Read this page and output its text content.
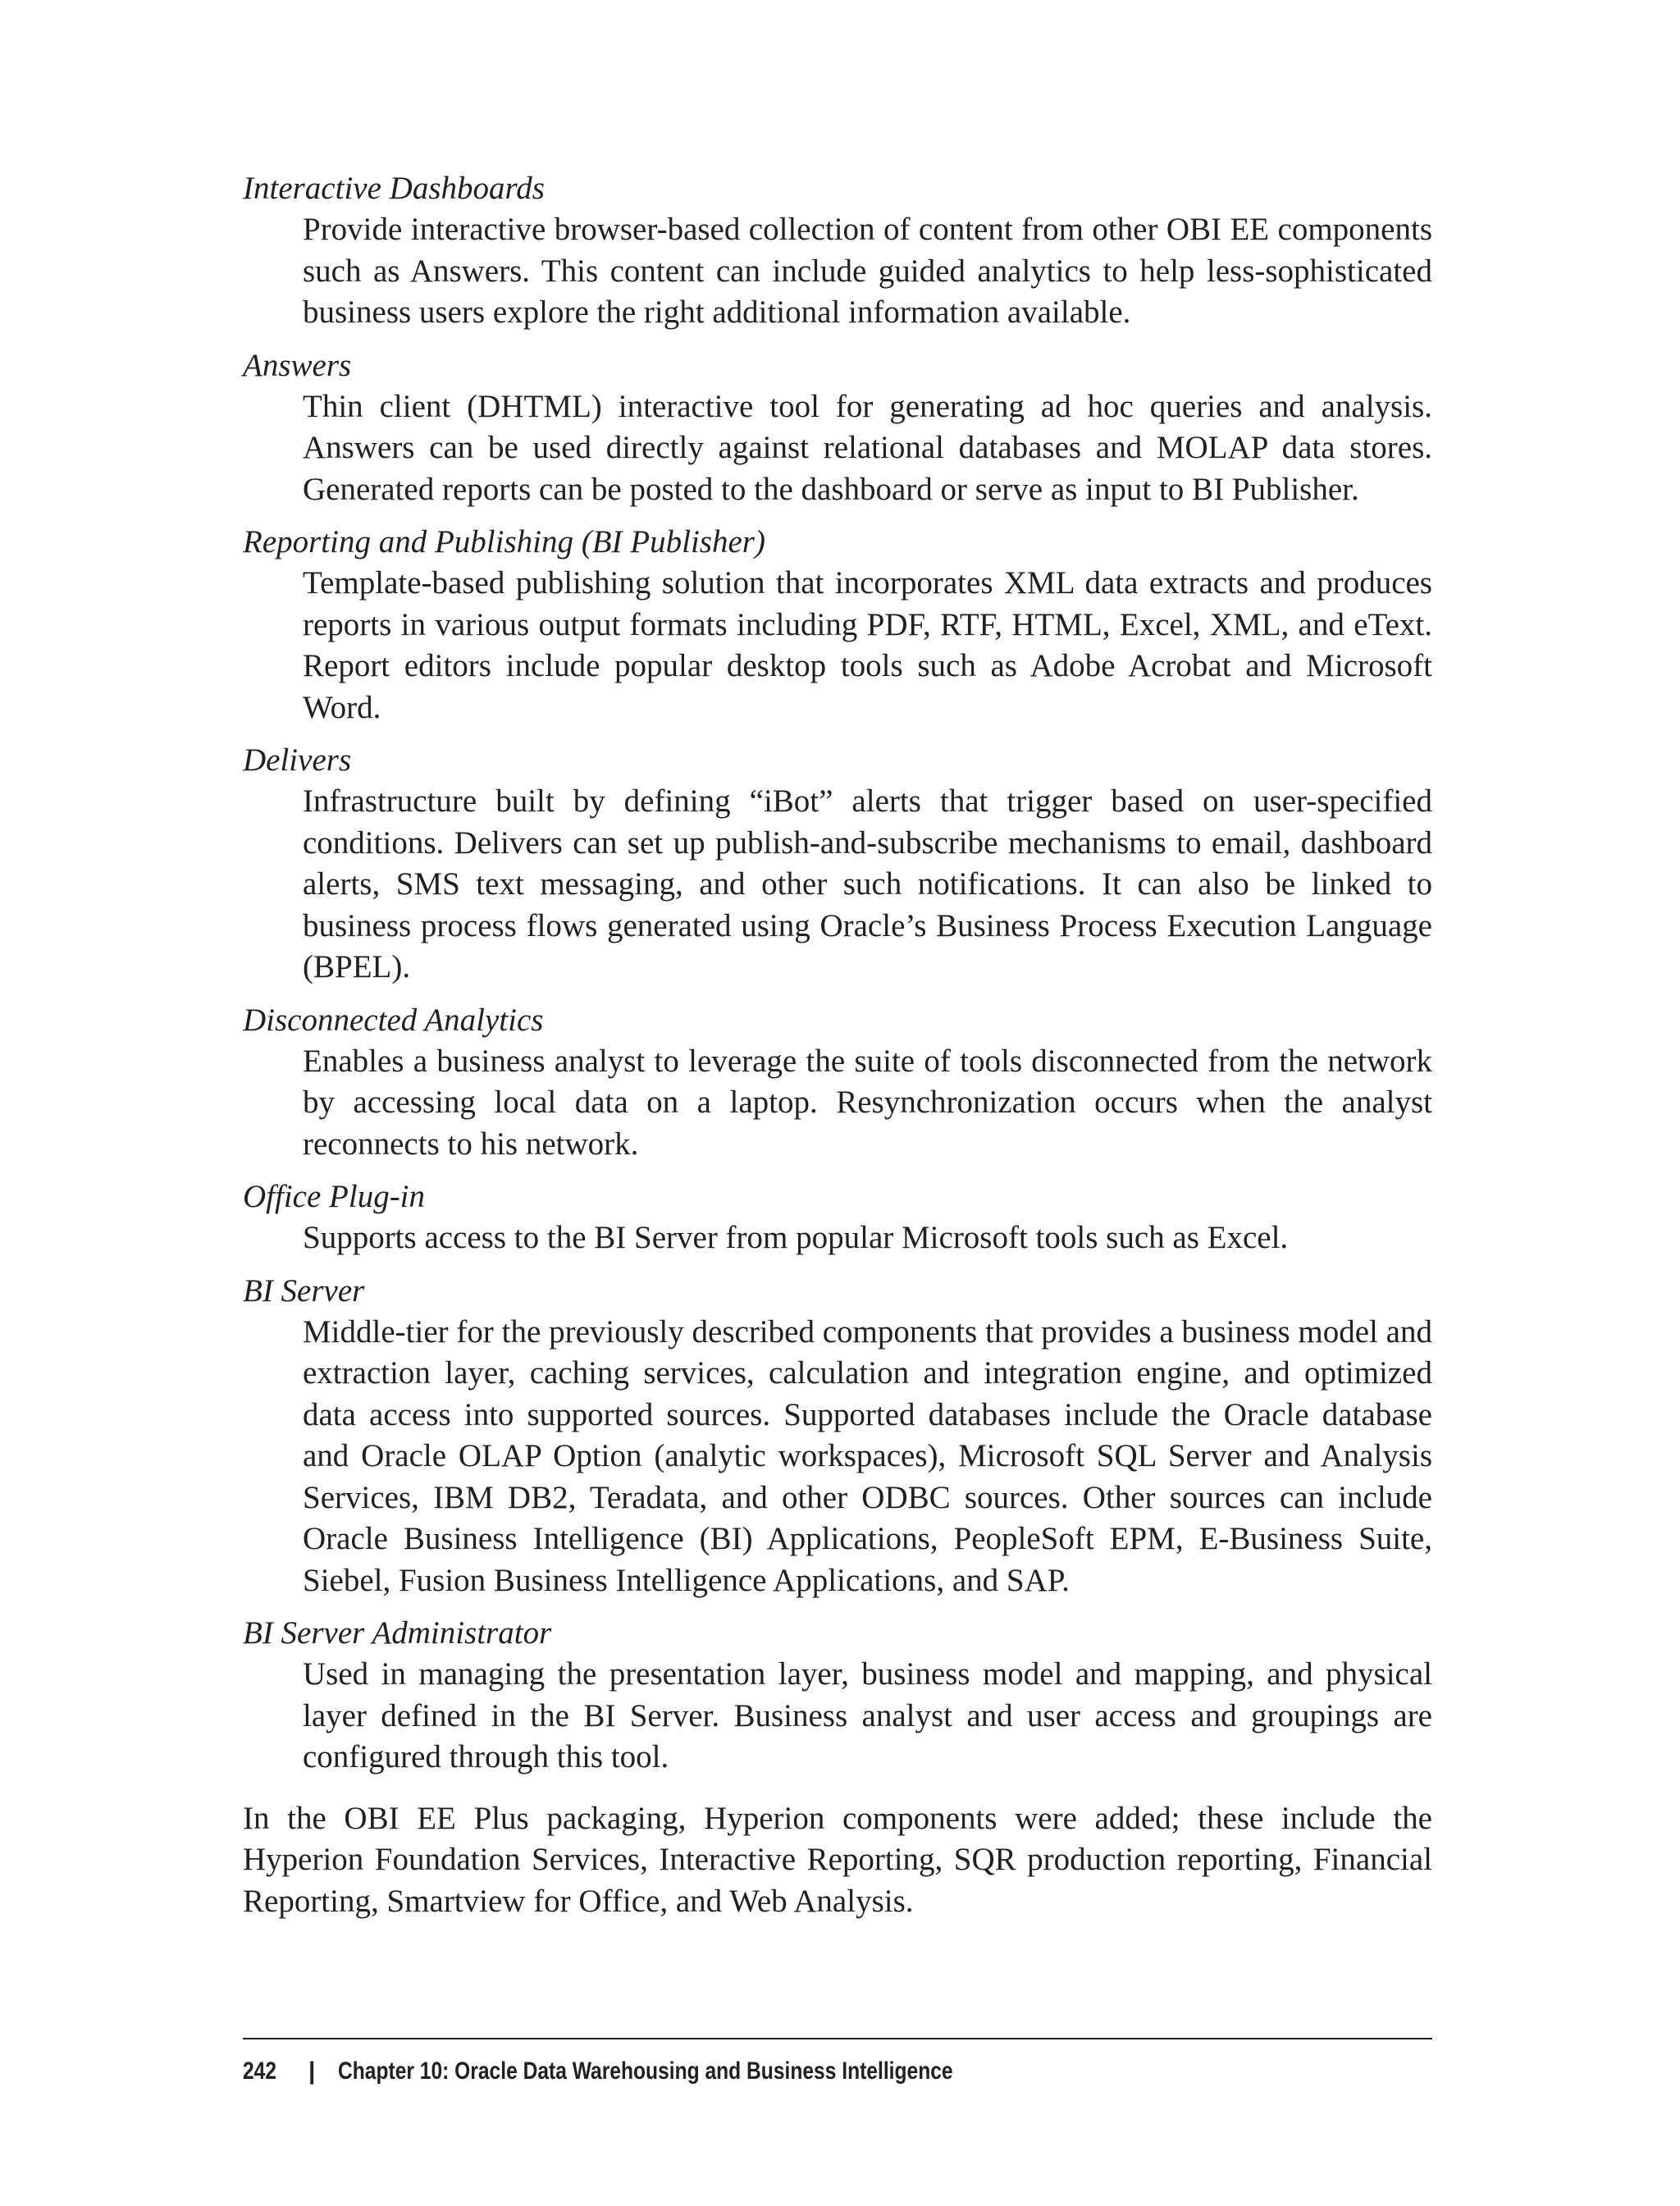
Interactive Dashboards
Provide interactive browser-based collection of content from other OBI EE components such as Answers. This content can include guided analytics to help less-sophisticated business users explore the right additional information available.
Answers
Thin client (DHTML) interactive tool for generating ad hoc queries and analysis. Answers can be used directly against relational databases and MOLAP data stores. Generated reports can be posted to the dashboard or serve as input to BI Publisher.
Reporting and Publishing (BI Publisher)
Template-based publishing solution that incorporates XML data extracts and produces reports in various output formats including PDF, RTF, HTML, Excel, XML, and eText. Report editors include popular desktop tools such as Adobe Acrobat and Microsoft Word.
Delivers
Infrastructure built by defining “iBot” alerts that trigger based on user-specified conditions. Delivers can set up publish-and-subscribe mechanisms to email, dashboard alerts, SMS text messaging, and other such notifications. It can also be linked to business process flows generated using Oracle’s Business Process Execution Language (BPEL).
Disconnected Analytics
Enables a business analyst to leverage the suite of tools disconnected from the network by accessing local data on a laptop. Resynchronization occurs when the analyst reconnects to his network.
Office Plug-in
Supports access to the BI Server from popular Microsoft tools such as Excel.
BI Server
Middle-tier for the previously described components that provides a business model and extraction layer, caching services, calculation and integration engine, and optimized data access into supported sources. Supported databases include the Oracle database and Oracle OLAP Option (analytic workspaces), Microsoft SQL Server and Analysis Services, IBM DB2, Teradata, and other ODBC sources. Other sources can include Oracle Business Intelligence (BI) Applications, PeopleSoft EPM, E-Business Suite, Siebel, Fusion Business Intelligence Applications, and SAP.
BI Server Administrator
Used in managing the presentation layer, business model and mapping, and physical layer defined in the BI Server. Business analyst and user access and groupings are configured through this tool.

In the OBI EE Plus packaging, Hyperion components were added; these include the Hyperion Foundation Services, Interactive Reporting, SQR production reporting, Financial Reporting, Smartview for Office, and Web Analysis.

242 | Chapter 10: Oracle Data Warehousing and Business Intelligence
